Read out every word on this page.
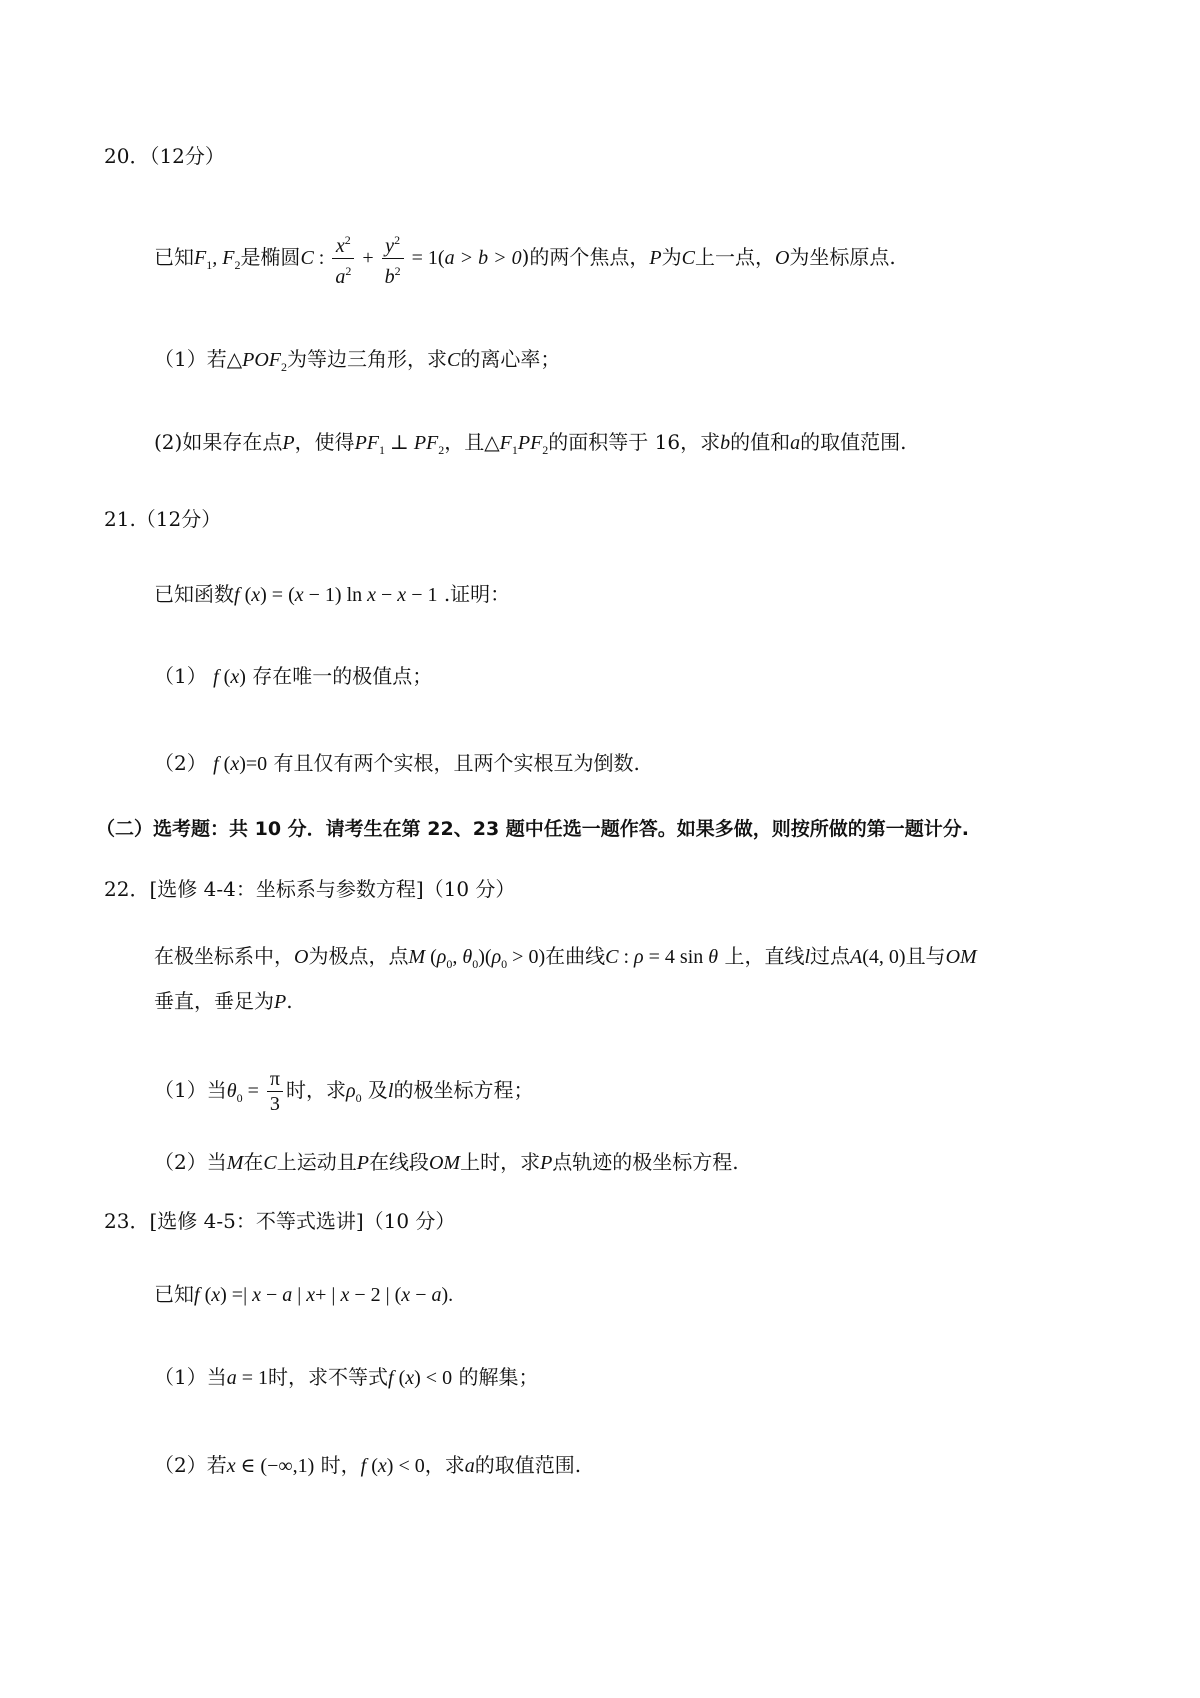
20．（12分）
已知$F_1$, $F_2$是椭圆C : $\frac{x^2}{a^2} + \frac{y^2}{b^2} = 1(a > b > 0)$的两个焦点，P为C上一点，O为坐标原点.
（1）若$\triangle POF_2$为等边三角形，求C的离心率；
(2)如果存在点P，使得$PF_1$ ⊥ $PF_2$，且$\triangle F_1PF_2$的面积等于 16，求b的值和a的取值范围.
21.（12分）
已知函数f (x) = (x − 1) ln x − x − 1 .证明：
（1） f (x) 存在唯一的极值点；
（2） f (x)=0 有且仅有两个实根，且两个实根互为倒数.
（二）选考题：共 10 分．请考生在第 22、23 题中任选一题作答。如果多做，则按所做的第一题计分.
22．[选修 4-4：坐标系与参数方程]（10 分）
在极坐标系中，O为极点，点M ($\rho_0$, $\theta_0)(\rho_0 > 0)$在曲线C : ρ = 4 sin θ 上，直线l过点A(4, 0)且与OM
垂直，垂足为P.
（1）当$\theta_0 = \frac{\pi}{3}$ 时，求$\rho_0$ 及l的极坐标方程；
（2）当M在C上运动且P在线段OM上时，求P点轨迹的极坐标方程.
23．[选修 4-5：不等式选讲]（10 分）
已知f (x) =| x − a | x+ | x − 2 | (x − a).
（1）当a = 1时，求不等式f (x) < 0 的解集；
（2）若x ∈ (−∞,1) 时，f (x) < 0，求a的取值范围.
